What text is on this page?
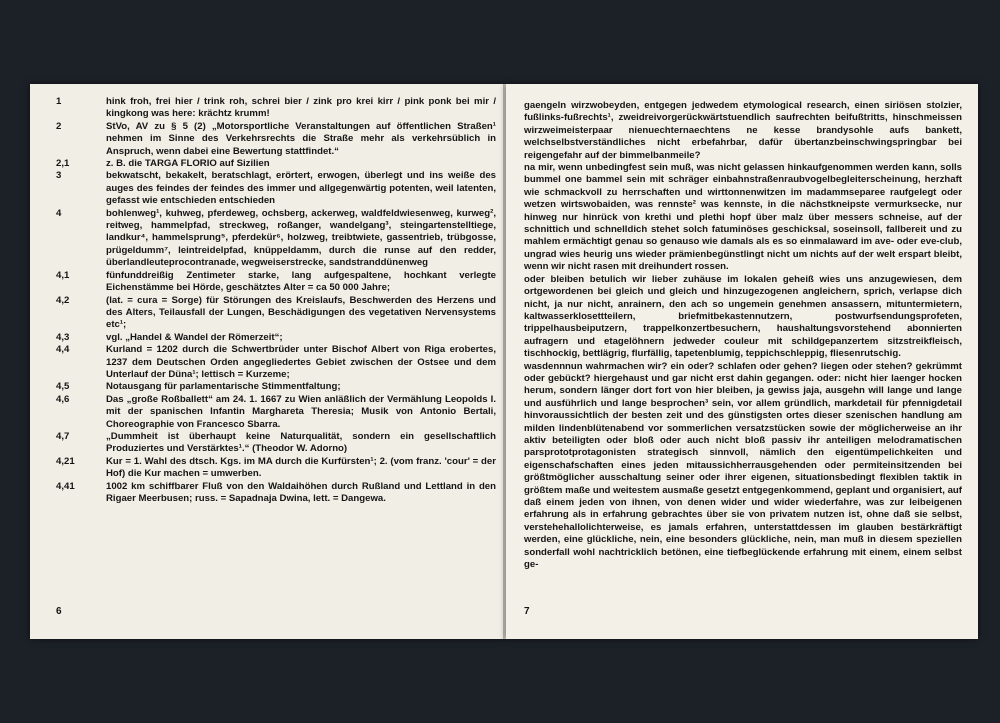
1	hink froh, frei hier / trink roh, schrei bier / zink pro krei kirr / pink ponk bei mir / kingkong was here: krächtz krumm!
2	StVo, AV zu § 5 (2) „Motorsportliche Veranstaltungen auf öffentlichen Straßen¹ nehmen im Sinne des Verkehrsrechts die Straße mehr als verkehrsüblich in Anspruch, wenn dabei eine Bewertung stattfindet.“
2,1	z. B. die TARGA FLORIO auf Sizilien
3	bekwatscht, bekakelt, beratschlagt, erörtert, erwogen, überlegt und ins weiße des auges des feindes der feindes des immer und allgegenwärtig potenten, weil latenten, gefasst wie entschieden entschieden
4	bohlenweg¹, kuhweg, pferdeweg, ochsberg, ackerweg, waldfeldwiesenweg, kurweg², reitweg, hammelpfad, streckweg, roßanger, wandelgang³, steingartenstelltiege, landkur⁴, hammelsprung⁵, pferdekür⁶, holzweg, treibtwiete, gassentrieb, trübgosse, prügeldumm⁷, leintreidelpfad, knüppeldamm, durch die runse auf den redder, überlandleuteprocontranade, wegweiserstrecke, sandstranddünenweg
4,1	fünfunddreißig Zentimeter starke, lang aufgespaltene, hochkant verlegte Eichenstämme bei Hörde, geschätztes Alter = ca 50 000 Jahre;
4,2	(lat. = cura = Sorge) für Störungen des Kreislaufs, Beschwerden des Herzens und des Alters, Teilausfall der Lungen, Beschädigungen des vegetativen Nervensystems etc¹;
4,3	vgl. „Handel & Wandel der Römerzeit“;
4,4	Kurland = 1202 durch die Schwertbrüder unter Bischof Albert von Riga erobertes, 1237 dem Deutschen Orden angegliedertes Gebiet zwischen der Ostsee und dem Unterlauf der Düna¹; lettisch = Kurzeme;
4,5	Notausgang für parlamentarische Stimmentfaltung;
4,6	Das „große Roßballett“ am 24. 1. 1667 zu Wien anläßlich der Vermählung Leopolds I. mit der spanischen Infantin Marghareta Theresia; Musik von Antonio Bertali, Choreographie von Francesco Sbarra.
4,7	„Dummheit ist überhaupt keine Naturqualität, sondern ein gesellschaftlich Produziertes und Verstärktes¹.“ (Theodor W. Adorno)
4,21	Kur = 1. Wahl des dtsch. Kgs. im MA durch die Kurfürsten¹; 2. (vom franz. 'cour' = der Hof) die Kur machen = umwerben.
4,41	1002 km schiffbarer Fluß von den Waldaihöhen durch Rußland und Lettland in den Rigaer Meerbusen; russ. = Sapadnaja Dwina, lett. = Dangewa.
6

gaengeln wirzwobeyden, entgegen jedwedem etymological research, einen siriösen stolzier, fußlinks-fußrechts¹, zweidreivorgerückwärtstuendlich saufrechten beifußtritts, hinschmeissen wirzweimeisterpaar nienuechternaechtens ne kesse brandysohle aufs bankett, welchselbstverständliches nicht erbefahrbar, dafür übertanzbeinschwingspringbar bei reigengefahr auf der bimmelbanmeile?

na mir, wenn unbedingfest sein muß, was nicht gelassen hinkaufgenommen werden kann, solls bummel one bammel sein mit schräger einbahnstraßenraubvogelbegleiterscheinung, herzhaft wie schmackvoll zu herrschaften und wirttonnenwitzen im madammseparee raufgelegt oder wetzen wirtswobaiden, was rennste² was kennste, in die nächstkneipste vermurksecke, nur hinweg nur hinrück von krethi und plethi hopf über malz über messers schneise, auf der schnittich und schnelldich stehet solch fatuminöses geschicksal, soseinsoll, fallbereit und zu mahlem ermächtigt genau so genauso wie damals als es so einmalaward im ave- oder eve-club, ungrad wies heurig uns wieder prämienbegünstlingt nicht um nichts auf der welt erspart bleibt, wenn wir nicht rasen mit dreihundert rossen.

oder bleiben betulich wir lieber zuhäuse im lokalen geheiß wies uns anzugewiesen, dem ortgewordenen bei gleich und gleich und hinzugezogenen angleichern, sprich, verlapse dich nicht, ja nur nicht, anrainern, den ach so ungemein genehmen ansassern, mituntermietern, kaltwasserklosettteilern, briefmitbekastennutzern, postwurfsendungsprofeten, trippelhausbeiputzern, trappelkonzertbesuchern, haushaltungsvorstehend abonnierten aufragern und etagelöhnern jedweder couleur mit schildgepanzertem sitzstreikfleisch, tischhockig, bettlägrig, flurfällig, tapetenblumig, teppichschleppig, fliesenrutschig.

wasdennnun wahrmachen wir? ein oder? schlafen oder gehen? liegen oder stehen? gekrümmt oder gebückt? hiergehaust und gar nicht erst dahin gegangen. oder: nicht hier laenger hocken herum, sondern länger dort fort von hier bleiben, ja gewiss jaja, ausgehn will lange und lange und ausführlich und lange besprochen³ sein, vor allem gründlich, markdetail für pfennigdetail hinvoraussichtlich der besten zeit und des günstigsten ortes dieser szenischen handlung am milden lindenblütenabend vor sommerlichen versatzstücken sowie der möglicherweise an ihr aktiv beteiligten oder bloß oder auch nicht bloß passiv ihr anteiligen melodramatischen parsprototprotagonisten strategisch sinnvoll, nämlich den eigentümpelichkeiten und eigenschafschaften eines jeden mitaussichherrausgehenden oder permiteinsitzenden bei größtmöglicher ausschaltung seiner oder ihrer eigenen, situationsbedingt flexiblen taktik in größtem maße und weitestem ausmaße gesetzt entgegenkommend, geplant und organisiert, auf daß einem jeden von ihnen, von denen wider und wider wiederfahre, was zur leibeigenen erfahrung als in erfahrung gebrachtes über sie von privatem nutzen ist, ohne daß sie selbst, verstehehallolichterweise, es jamals erfahren, unterstattdessen im glauben bestärkräftigt werden, eine glückliche, nein, eine besonders glückliche, nein, man muß in diesem speziellen sonderfall wohl nachtricklich betönen, eine tiefbeglückende erfahrung mit einem, einem selbst ge-

7
